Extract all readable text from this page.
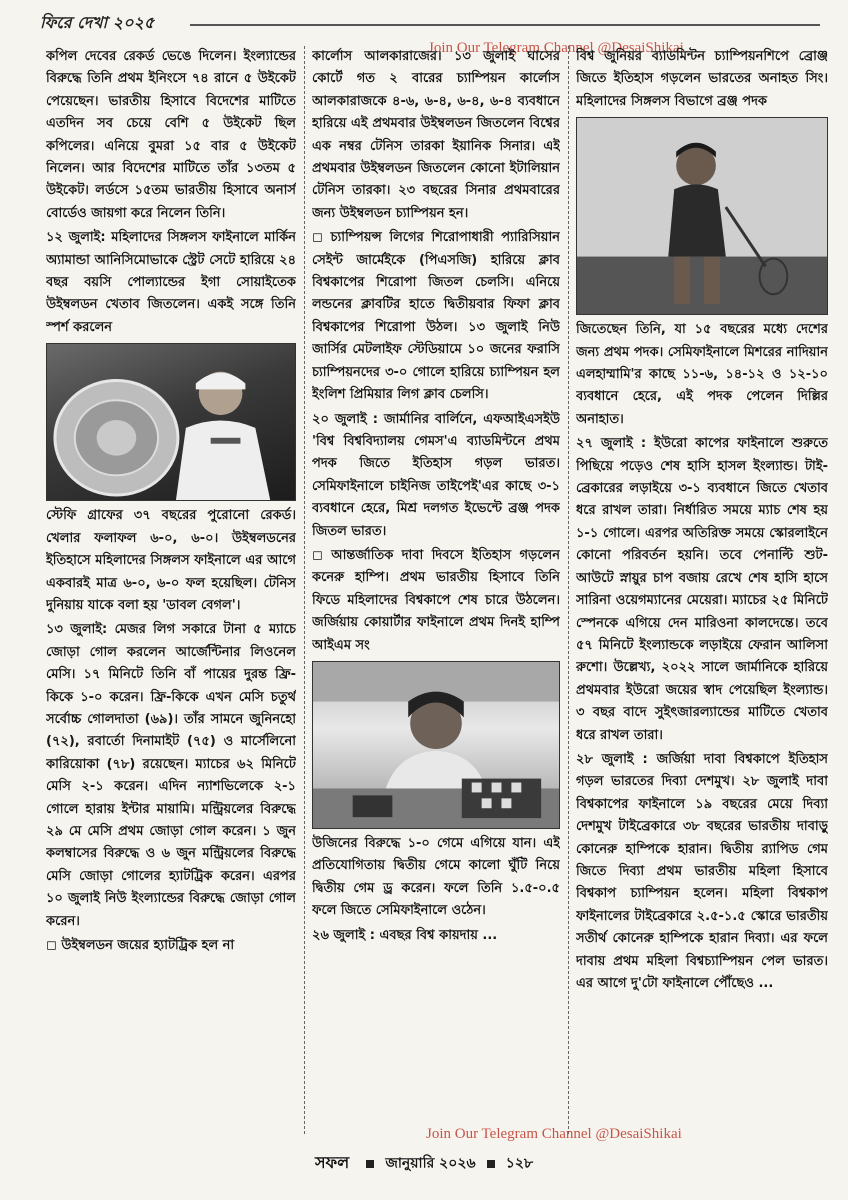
ফিরে দেখা ২০২৫
Join Our Telegram Channel @DesaiShikai

কপিল দেবের রেকর্ড ভেঙে দিলেন। ইংল্যান্ডের বিরুদ্ধে তিনি প্রথম ইনিংসে ৭৪ রানে ৫ উইকেট পেয়েছেন। ভারতীয় হিসাবে বিদেশের মাটিতে এতদিন সব চেয়ে বেশি ৫ উইকেট ছিল কপিলের। এনিয়ে বুমরা ১৫ বার ৫ উইকেট নিলেন। আর বিদেশের মাটিতে তাঁর ১৩তম ৫ উইকেট। লর্ডসে ১৫তম ভারতীয় হিসাবে অনার্স বোর্ডেও জায়গা করে নিলেন তিনি।

১২ জুলাই: মহিলাদের সিঙ্গলস ফাইনালে মার্কিন অ্যামান্ডা আনিসিমোভাকে স্ট্রেট সেটে হারিয়ে ২৪ বছর বয়সি পোল্যান্ডের ইগা সোয়াইতেক উইম্বলডন খেতাব জিতলেন। একই সঙ্গে তিনি স্পর্শ করলেন

স্টেফি গ্রাফের ৩৭ বছরের পুরোনো রেকর্ড। খেলার ফলাফল ৬-০, ৬-০। উইম্বলডনের ইতিহাসে মহিলাদের সিঙ্গলস ফাইনালে এর আগে একবারই মাত্র ৬-০, ৬-০ ফল হয়েছিল। টেনিস দুনিয়ায় যাকে বলা হয় 'ডাবল বেগল'।

১৩ জুলাই: মেজর লিগ সকারে টানা ৫ ম্যাচে জোড়া গোল করলেন আর্জেন্টিনার লিওনেল মেসি। ১৭ মিনিটে তিনি বাঁ পায়ের দুরন্ত ফ্রি-কিকে ১-০ করেন। ফ্রি-কিকে এখন মেসি চতুর্থ সর্বোচ্চ গোলদাতা (৬৯)। তাঁর সামনে জুনিনহো (৭২), রবার্তো দিনামাইট (৭৫) ও মার্সেলিনো কারিয়োকা (৭৮) রয়েছেন। ম্যাচের ৬২ মিনিটে মেসি ২-১ করেন। এদিন ন্যাশভিলেকে ২-১ গোলে হারায় ইন্টার মায়ামি। মন্ট্রিয়লের বিরুদ্ধে ২৯ মে মেসি প্রথম জোড়া গোল করেন। ১ জুন কলম্বাসের বিরুদ্ধে ও ৬ জুন মন্ট্রিয়লের বিরুদ্ধে মেসি জোড়া গোলের হ্যাটট্রিক করেন। এরপর ১০ জুলাই নিউ ইংল্যান্ডের বিরুদ্ধে জোড়া গোল করেন।

◻ উইম্বলডন জয়ের হ্যাটট্রিক হল না

কার্লোস আলকারাজের। ১৩ জুলাই ঘাসের কোর্টে গত ২ বারের চ্যাম্পিয়ন কার্লোস আলকারাজকে ৪-৬, ৬-৪, ৬-৪, ৬-৪ ব্যবধানে হারিয়ে এই প্রথমবার উইম্বলডন জিতলেন বিশ্বের এক নম্বর টেনিস তারকা ইয়ানিক সিনার। এই প্রথমবার উইম্বলডন জিতলেন কোনো ইটালিয়ান টেনিস তারকা। ২৩ বছরের সিনার প্রথমবারের জন্য উইম্বলডন চ্যাম্পিয়ন হন।

◻ চ্যাম্পিয়ন্স লিগের শিরোপাধারী প্যারিসিয়ান সেইন্ট জার্মেইকে (পিএসজি) হারিয়ে ক্লাব বিশ্বকাপের শিরোপা জিতল চেলসি। এনিয়ে লন্ডনের ক্লাবটির হাতে দ্বিতীয়বার ফিফা ক্লাব বিশ্বকাপের শিরোপা উঠল। ১৩ জুলাই নিউ জার্সির মেটলাইফ স্টেডিয়ামে ১০ জনের ফরাসি চ্যাম্পিয়নদের ৩-০ গোলে হারিয়ে চ্যাম্পিয়ন হল ইংলিশ প্রিমিয়ার লিগ ক্লাব চেলসি।

২০ জুলাই : জার্মানির বার্লিনে, এফআইএসইউ 'বিশ্ব বিশ্ববিদ্যালয় গেমস'এ ব্যাডমিন্টনে প্রথম পদক জিতে ইতিহাস গড়ল ভারত। সেমিফাইনালে চাইনিজ তাইপেই'এর কাছে ৩-১ ব্যবধানে হেরে, মিশ্র দলগত ইভেন্টে ব্রঞ্জ পদক জিতল ভারত।

◻ আন্তর্জাতিক দাবা দিবসে ইতিহাস গড়লেন কনেরু হাম্পি। প্রথম ভারতীয় হিসাবে তিনি ফিডে মহিলাদের বিশ্বকাপে শেষ চারে উঠলেন। জর্জিয়ায় কোয়ার্টার ফাইনালে প্রথম দিনই হাম্পি আইএম সং

উজিনের বিরুদ্ধে ১-০ গেমে এগিয়ে যান। এই প্রতিযোগিতায় দ্বিতীয় গেমে কালো ঘুঁটি নিয়ে দ্বিতীয় গেম ড্র করেন। ফলে তিনি ১.৫-০.৫ ফলে জিতে সেমিফাইনালে ওঠেন।

২৬ জুলাই : এবছর বিশ্ব কায়দায় ...

বিশ্ব জুনিয়র ব্যাডমিন্টন চ্যাম্পিয়নশিপে ব্রোঞ্জ জিতে ইতিহাস গড়লেন ভারতের অনাহত সিং। মহিলাদের সিঙ্গলস বিভাগে ব্রঞ্জ পদক

জিতেছেন তিনি, যা ১৫ বছরের মধ্যে দেশের জন্য প্রথম পদক। সেমিফাইনালে মিশরের নাদিয়ান এলহাম্মামি'র কাছে ১১-৬, ১৪-১২ ও ১২-১০ ব্যবধানে হেরে, এই পদক পেলেন দিল্লির অনাহাত।

২৭ জুলাই : ইউরো কাপের ফাইনালে শুরুতে পিছিয়ে পড়েও শেষ হাসি হাসল ইংল্যান্ড। টাই-ব্রেকারের লড়াইয়ে ৩-১ ব্যবধানে জিতে খেতাব ধরে রাখল তারা। নির্ধারিত সময়ে ম্যাচ শেষ হয় ১-১ গোলে। এরপর অতিরিক্ত সময়ে স্কোরলাইনে কোনো পরিবর্তন হয়নি। তবে পেনাল্টি শুট-আউটে স্নায়ুর চাপ বজায় রেখে শেষ হাসি হাসে সারিনা ওয়েগম্যানের মেয়েরা। ম্যাচের ২৫ মিনিটে স্পেনকে এগিয়ে দেন মারিওনা কালদেন্তে। তবে ৫৭ মিনিটে ইংল্যান্ডকে লড়াইয়ে ফেরান আলিসা রুশো। উল্লেখ্য, ২০২২ সালে জার্মানিকে হারিয়ে প্রথমবার ইউরো জয়ের স্বাদ পেয়েছিল ইংল্যান্ড। ৩ বছর বাদে সুইৎজারল্যান্ডের মাটিতে খেতাব ধরে রাখল তারা।

২৮ জুলাই : জর্জিয়া দাবা বিশ্বকাপে ইতিহাস গড়ল ভারতের দিব্যা দেশমুখ। ২৮ জুলাই দাবা বিশ্বকাপের ফাইনালে ১৯ বছরের মেয়ে দিব্যা দেশমুখ টাইব্রেকারে ৩৮ বছরের ভারতীয় দাবাড়ু কোনেরু হাম্পিকে হারান। দ্বিতীয় র‍্যাপিড গেম জিতে দিব্যা প্রথম ভারতীয় মহিলা হিসাবে বিশ্বকাপ চ্যাম্পিয়ন হলেন। মহিলা বিশ্বকাপ ফাইনালের টাইব্রেকারে ২.৫-১.৫ স্কোরে ভারতীয় সতীর্থ কোনেরু হাম্পিকে হারান দিব্যা। এর ফলে দাবায় প্রথম মহিলা বিশ্বচ্যাম্পিয়ন পেল ভারত। এর আগে দু'টো ফাইনালে পৌঁছেও ...

Join Our Telegram Channel @DesaiShikai
সফল	জানুয়ারি ২০২৬ ১২৮
